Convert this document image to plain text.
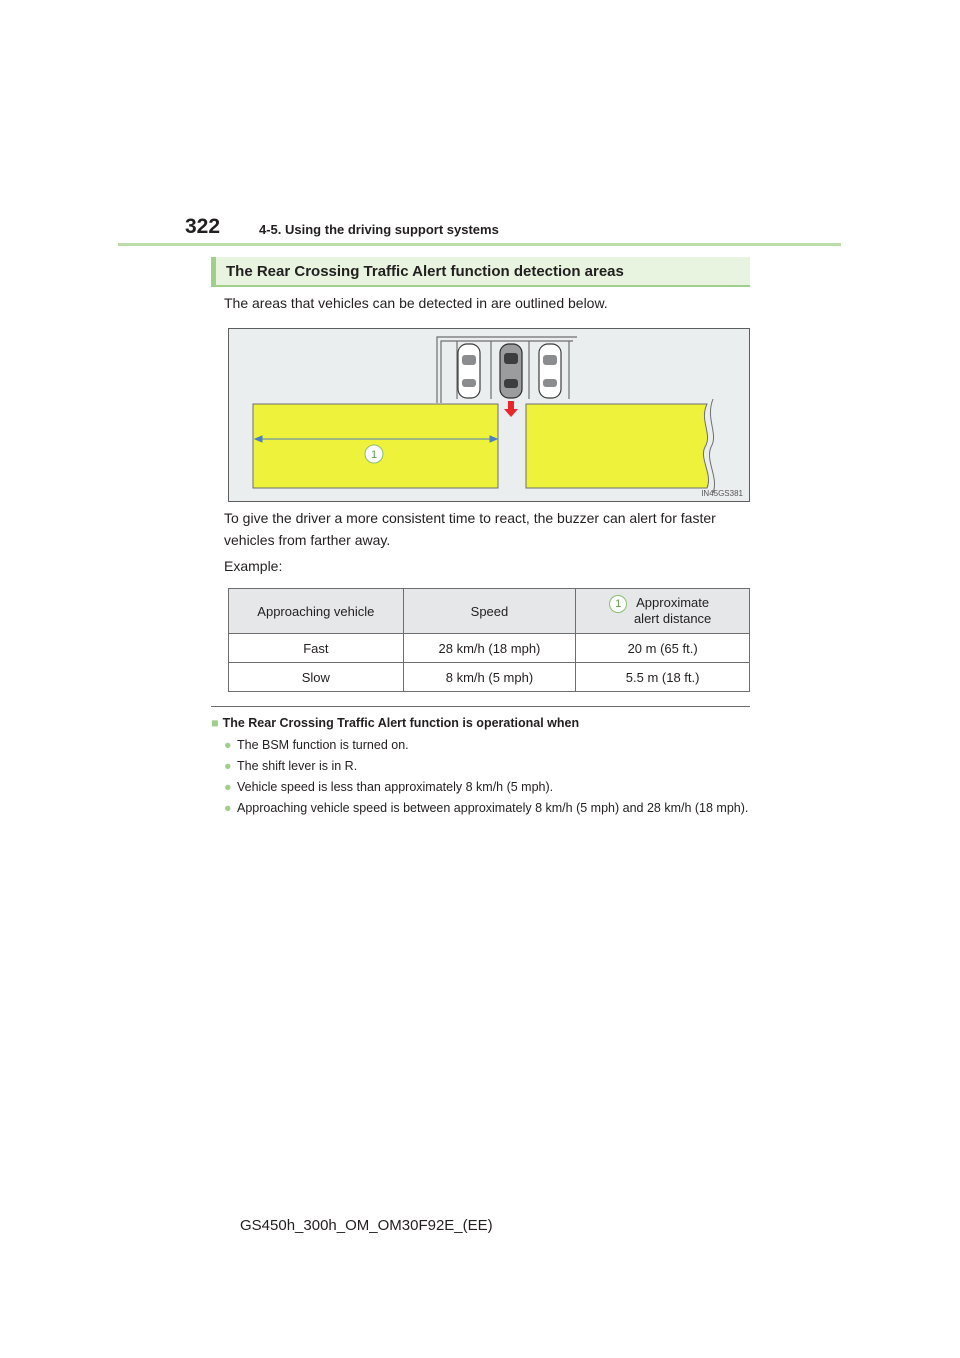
322	4-5. Using the driving support systems
The Rear Crossing Traffic Alert function detection areas
The areas that vehicles can be detected in are outlined below.
1
IN45GS381
To give the driver a more consistent time to react, the buzzer can alert for faster
vehicles from farther away.
Example:
Approaching vehicle	Speed	1 Approximate
alert distance
Fast	28 km/h (18 mph)	20 m (65 ft.)
Slow	8 km/h (5 mph)	5.5 m (18 ft.)
■ The Rear Crossing Traffic Alert function is operational when
● The BSM function is turned on.
● The shift lever is in R.
● Vehicle speed is less than approximately 8 km/h (5 mph).
● Approaching vehicle speed is between approximately 8 km/h (5 mph) and 28 km/h (18 mph).
GS450h_300h_OM_OM30F92E_(EE)
